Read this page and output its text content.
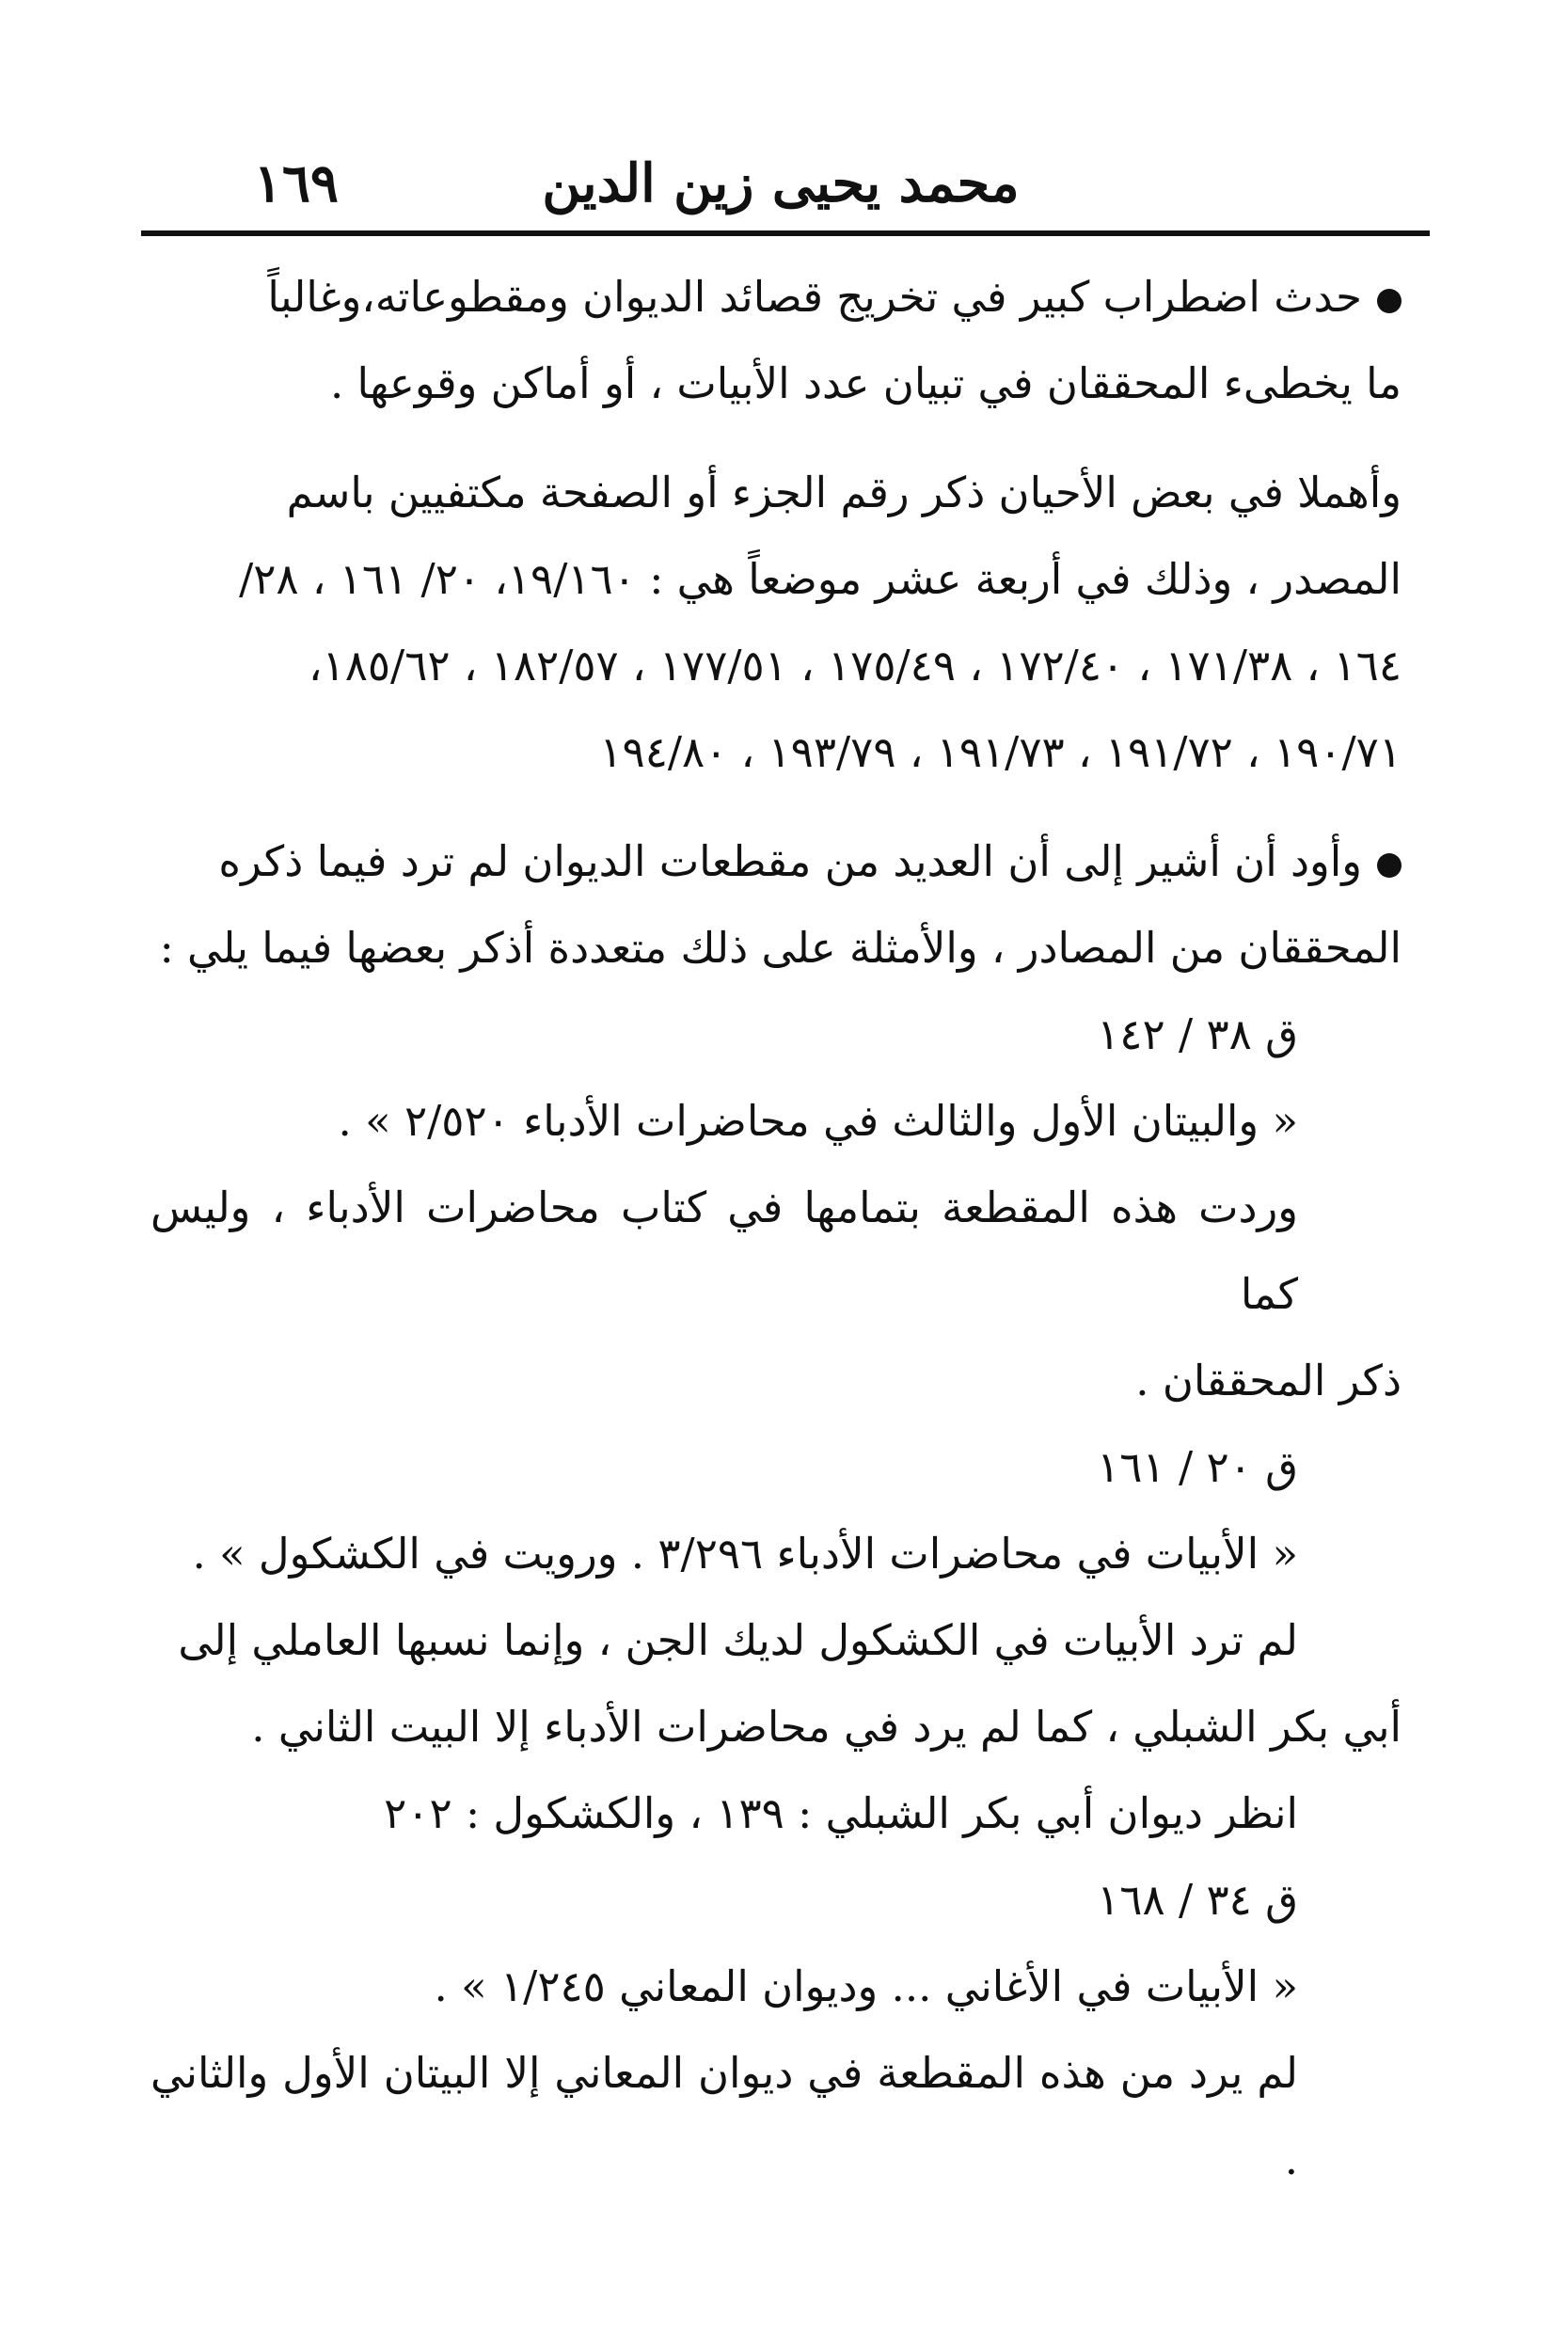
محمد يحيى زين الدين
١٦٩

حدث اضطراب كبير في تخريج قصائد الديوان ومقطوعاته،وغالباً

ما يخطىء المحققان في تبيان عدد الأبيات ، أو أماكن وقوعها .

وأهملا في بعض الأحيان ذكر رقم الجزء أو الصفحة مكتفيين باسم

المصدر ، وذلك في أربعة عشر موضعاً هي : ١٩/١٦٠، ٢٠/ ١٦١ ، ٢٨/

١٦٤ ، ١٧١/٣٨ ، ١٧٢/٤٠ ، ١٧٥/٤٩ ، ١٧٧/٥١ ، ١٨٢/٥٧ ، ١٨٥/٦٢،

١٩٠/٧١ ، ١٩١/٧٢ ، ١٩١/٧٣ ، ١٩٣/٧٩ ، ١٩٤/٨٠

وأود أن أشير إلى أن العديد من مقطعات الديوان لم ترد فيما ذكره

المحققان من المصادر ، والأمثلة على ذلك متعددة أذكر بعضها فيما يلي :

ق ٣٨ / ١٤٢

« والبيتان الأول والثالث في محاضرات الأدباء ٢/٥٢٠ » .

وردت هذه المقطعة بتمامها في كتاب محاضرات الأدباء ، وليس كما

ذكر المحققان .

ق ٢٠ / ١٦١

« الأبيات في محاضرات الأدباء ٣/٢٩٦ . ورويت في الكشكول » .

لم ترد الأبيات في الكشكول لديك الجن ، وإنما نسبها العاملي إلى

أبي بكر الشبلي ، كما لم يرد في محاضرات الأدباء إلا البيت الثاني .

انظر ديوان أبي بكر الشبلي : ١٣٩ ، والكشكول : ٢٠٢

ق ٣٤ / ١٦٨

« الأبيات في الأغاني ... وديوان المعاني ١/٢٤٥ » .

لم يرد من هذه المقطعة في ديوان المعاني إلا البيتان الأول والثاني .
